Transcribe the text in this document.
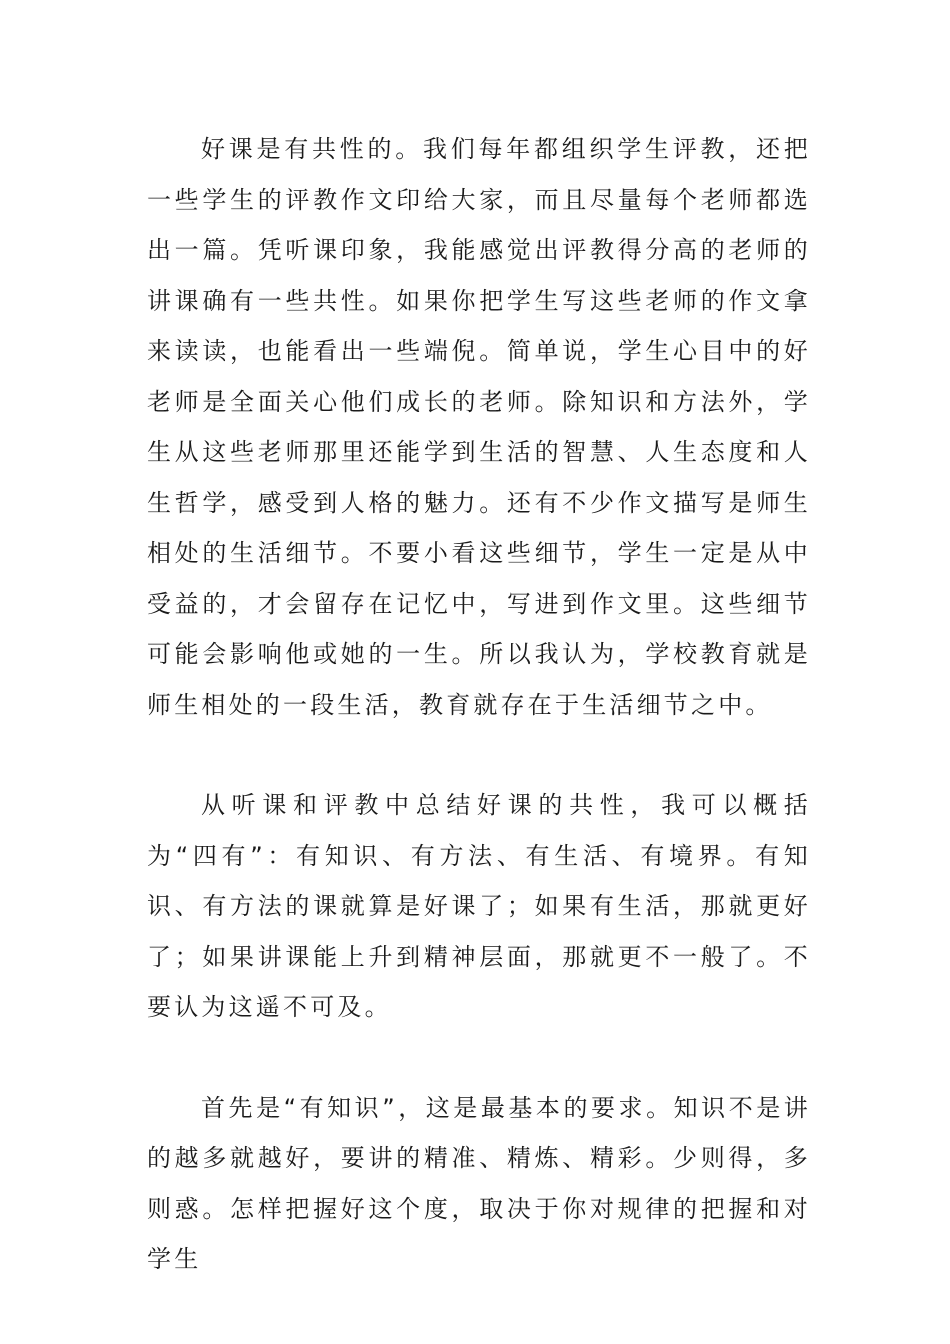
好课是有共性的。我们每年都组织学生评教，还把一些学生的评教作文印给大家，而且尽量每个老师都选出一篇。凭听课印象，我能感觉出评教得分高的老师的讲课确有一些共性。如果你把学生写这些老师的作文拿来读读，也能看出一些端倪。简单说，学生心目中的好老师是全面关心他们成长的老师。除知识和方法外，学生从这些老师那里还能学到生活的智慧、人生态度和人生哲学，感受到人格的魅力。还有不少作文描写是师生相处的生活细节。不要小看这些细节，学生一定是从中受益的，才会留存在记忆中，写进到作文里。这些细节可能会影响他或她的一生。所以我认为，学校教育就是师生相处的一段生活，教育就存在于生活细节之中。

从听课和评教中总结好课的共性，我可以概括为“四有”：有知识、有方法、有生活、有境界。有知识、有方法的课就算是好课了；如果有生活，那就更好了；如果讲课能上升到精神层面，那就更不一般了。不要认为这遥不可及。

首先是“有知识”，这是最基本的要求。知识不是讲的越多就越好，要讲的精准、精炼、精彩。少则得，多则惑。怎样把握好这个度，取决于你对规律的把握和对学生
